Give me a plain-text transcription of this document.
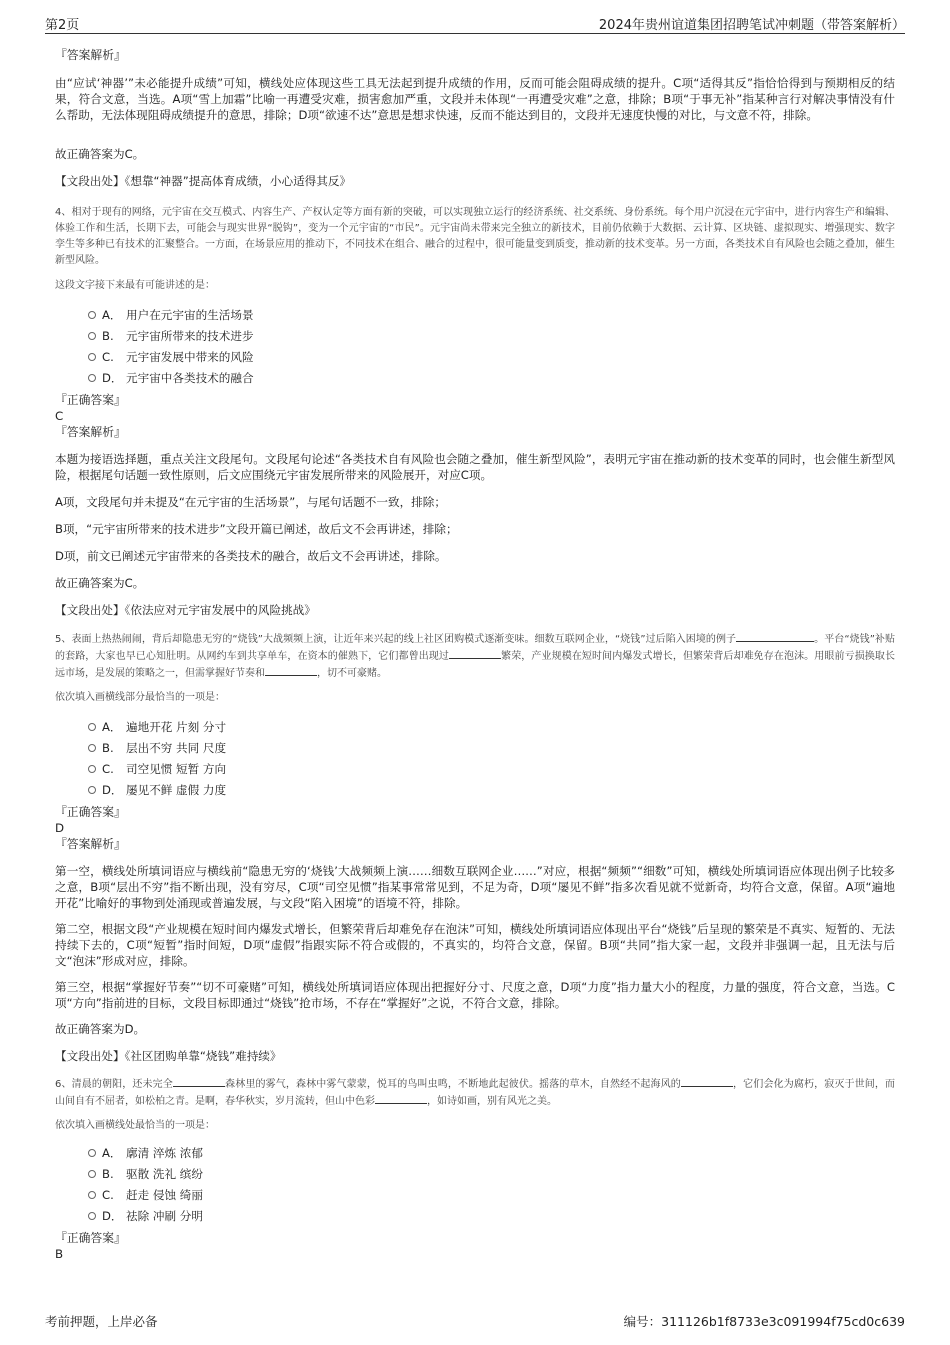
第2页	2024年贵州谊道集团招聘笔试冲刺题（带答案解析）
『答案解析』
由“应试‘神器’”未必能提升成绩”可知，横线处应体现这些工具无法起到提升成绩的作用，反而可能会阻碍成绩的提升。C项“适得其反”指恰恰得到与预期相反的结果，符合文意，当选。A项“雪上加霜”比喻一再遭受灾难，损害愈加严重，文段并未体现“一再遭受灾难”之意，排除；B项“于事无补”指某种言行对解决事情没有什么帮助，无法体现阻碍成绩提升的意思，排除；D项“欲速不达”意思是想求快速，反而不能达到目的，文段并无速度快慢的对比，与文意不符，排除。
故正确答案为C。
【文段出处】《想靠“神器”提高体育成绩，小心适得其反》
4、相对于现有的网络，元宇宙在交互模式、内容生产、产权认定等方面有新的突破，可以实现独立运行的经济系统、社交系统、身份系统。每个用户沉浸在元宇宙中，进行内容生产和编辑、体验工作和生活，长期下去，可能会与现实世界“脱钩”，变为一个元宇宙的“市民”。元宇宙尚未带来完全独立的新技术，目前仍依赖于大数据、云计算、区块链、虚拟现实、增强现实、数字孪生等多种已有技术的汇聚整合。一方面，在场景应用的推动下，不同技术在组合、融合的过程中，很可能量变到质变，推动新的技术变革。另一方面，各类技术自有风险也会随之叠加，催生新型风险。
这段文字接下来最有可能讲述的是：
A． 用户在元宇宙的生活场景
B. 元宇宙所带来的技术进步
C. 元宇宙发展中带来的风险
D． 元宇宙中各类技术的融合
『正确答案』
C
『答案解析』
本题为接语选择题，重点关注文段尾句。文段尾句论述“各类技术自有风险也会随之叠加，催生新型风险”，表明元宇宙在推动新的技术变革的同时，也会催生新型风险，根据尾句话题一致性原则，后文应围绕元宇宙发展所带来的风险展开，对应C项。
A项，文段尾句并未提及“在元宇宙的生活场景”，与尾句话题不一致，排除；
B项，“元宇宙所带来的技术进步”文段开篇已阐述，故后文不会再讲述，排除；
D项，前文已阐述元宇宙带来的各类技术的融合，故后文不会再讲述，排除。
故正确答案为C。
【文段出处】《依法应对元宇宙发展中的风险挑战》
5、表面上热热闹闹，背后却隐患无穷的“烧钱”大战频频上演，让近年来兴起的线上社区团购模式逐渐变味。细数互联网企业，“烧钱”过后陷入困境的例子	。平台“烧钱”补贴的套路，大家也早已心知肚明。从网约车到共享单车，在资本的催熟下，它们都曾出现过	繁荣，产业规模在短时间内爆发式增长，但繁荣背后却难免存在泡沫。用眼前亏损换取长远市场，是发展的策略之一，但需掌握好节奏和	，切不可豪赌。
依次填入画横线部分最恰当的一项是：
A． 遍地开花 片刻 分寸
B. 层出不穷 共同 尺度
C. 司空见惯 短暂 方向
D． 屡见不鲜 虚假 力度
『正确答案』
D
『答案解析』
第一空，横线处所填词语应与横线前“隐患无穷的‘烧钱’大战频频上演……细数互联网企业……”对应，根据“频频”“细数”可知，横线处所填词语应体现出例子比较多之意，B项“层出不穷”指不断出现，没有穷尽，C项“司空见惯”指某事常常见到，不足为奇，D项“屡见不鲜”指多次看见就不觉新奇，均符合文意，保留。A项“遍地开花”比喻好的事物到处涌现或普遍发展，与文段“陷入困境”的语境不符，排除。
第二空，根据文段“产业规模在短时间内爆发式增长，但繁荣背后却难免存在泡沫”可知，横线处所填词语应体现出平台“烧钱”后呈现的繁荣是不真实、短暂的、无法持续下去的，C项“短暂”指时间短，D项“虚假”指跟实际不符合或假的，不真实的，均符合文意，保留。B项“共同”指大家一起，文段并非强调一起，且无法与后文“泡沫”形成对应，排除。
第三空，根据“掌握好节奏”“切不可豪赌”可知，横线处所填词语应体现出把握好分寸、尺度之意，D项“力度”指力量大小的程度，力量的强度，符合文意，当选。C项“方向”指前进的目标，文段目标即通过“烧钱”抢市场，不存在“掌握好”之说，不符合文意，排除。
故正确答案为D。
【文段出处】《社区团购单靠“烧钱”难持续》
6、清晨的朝阳，还未完全	森林里的雾气，森林中雾气蒙蒙，悦耳的鸟叫虫鸣，不断地此起彼伏。摇落的草木，自然经不起海风的	，它们会化为腐朽，寂灭于世间，而山间自有不屈者，如松柏之青。是啊，春华秋实，岁月流转，但山中色彩	，如诗如画，别有风光之美。
依次填入画横线处最恰当的一项是：
A． 廓清 淬炼 浓郁
B. 驱散 洗礼 缤纷
C. 赶走 侵蚀 绮丽
D． 祛除 冲刷 分明
『正确答案』
B
考前押题，上岸必备	编号：311126b1f8733e3c091994f75cd0c639
